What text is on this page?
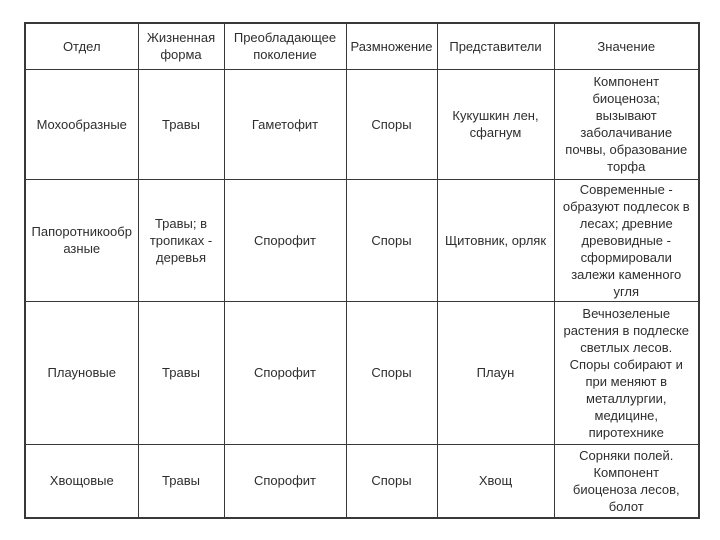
Отдел	Жизненная форма	Преобладающее поколение	Размножение	Представители	Значение
Мохообразные	Травы	Гаметофит	Споры	Кукушкин лен, сфагнум	Компонент биоценоза; вызывают заболачивание почвы, образование торфа
Папоротникообразные	Травы; в тропиках - деревья	Спорофит	Споры	Щитовник, орляк	Современные - образуют подлесок в лесах; древние древовидные - сформировали залежи каменного угля
Плауновые	Травы	Спорофит	Споры	Плаун	Вечнозеленые растения в подлеске светлых лесов. Споры собирают и при меняют в металлургии, медицине, пиротехнике
Хвощовые	Травы	Спорофит	Споры	Хвощ	Сорняки полей. Компонент биоценоза лесов, болот
